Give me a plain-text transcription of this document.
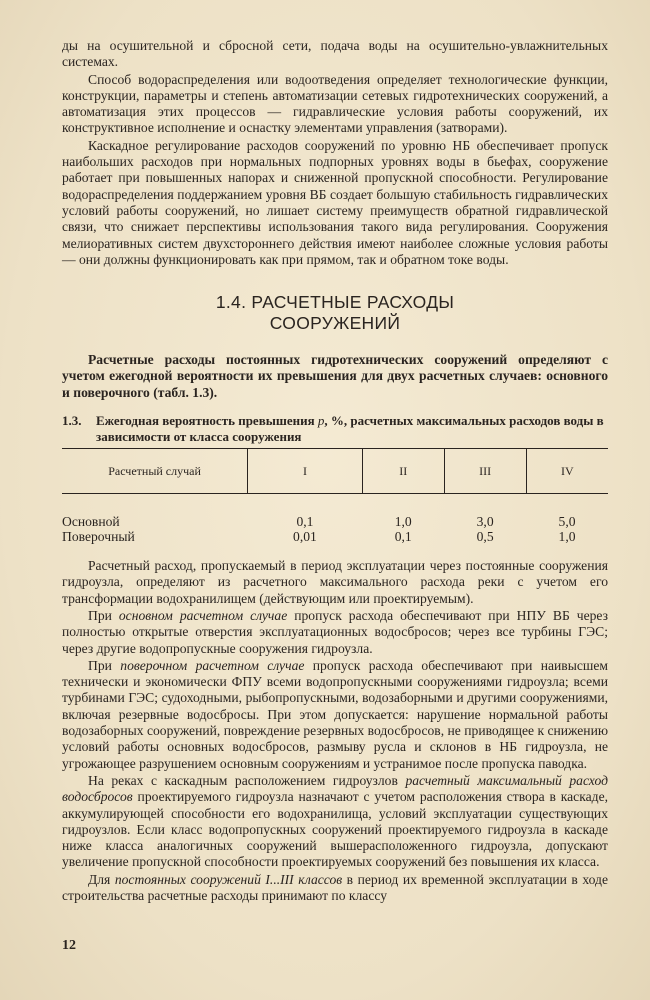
ды на осушительной и сбросной сети, подача воды на осушительно-увлажнительных системах.

Способ водораспределения или водоотведения определяет технологические функции, конструкции, параметры и степень автоматизации сетевых гидротехнических сооружений, а автоматизация этих процессов — гидравлические условия работы сооружений, их конструктивное исполнение и оснастку элементами управления (затворами).

Каскадное регулирование расходов сооружений по уровню НБ обеспечивает пропуск наибольших расходов при нормальных подпорных уровнях воды в бьефах, сооружение работает при повышенных напорах и сниженной пропускной способности. Регулирование водораспределения поддержанием уровня ВБ создает большую стабильность гидравлических условий работы сооружений, но лишает систему преимуществ обратной гидравлической связи, что снижает перспективы использования такого вида регулирования. Сооружения мелиоративных систем двухстороннего действия имеют наиболее сложные условия работы — они должны функционировать как при прямом, так и обратном токе воды.

1.4. РАСЧЕТНЫЕ РАСХОДЫ
СООРУЖЕНИЙ

Расчетные расходы постоянных гидротехнических сооружений определяют с учетом ежегодной вероятности их превышения для двух расчетных случаев: основного и поверочного (табл. 1.3).

1.3. Ежегодная вероятность превышения p, %, расчетных максимальных расходов воды в зависимости от класса сооружения
Расчетный случай	I	II	III	IV
Основной	0,1	1,0	3,0	5,0
Поверочный	0,01	0,1	0,5	1,0

Расчетный расход, пропускаемый в период эксплуатации через постоянные сооружения гидроузла, определяют из расчетного максимального расхода реки с учетом его трансформации водохранилищем (действующим или проектируемым).

При основном расчетном случае пропуск расхода обеспечивают при НПУ ВБ через полностью открытые отверстия эксплуатационных водосбросов; через все турбины ГЭС; через другие водопропускные сооружения гидроузла.

При поверочном расчетном случае пропуск расхода обеспечивают при наивысшем технически и экономически ФПУ всеми водопропускными сооружениями гидроузла; всеми турбинами ГЭС; судоходными, рыбопропускными, водозаборными и другими сооружениями, включая резервные водосбросы. При этом допускается: нарушение нормальной работы водозаборных сооружений, повреждение резервных водосбросов, не приводящее к снижению условий работы основных водосбросов, размыву русла и склонов в НБ гидроузла, не угрожающее разрушением основным сооружениям и устранимое после пропуска паводка.

На реках с каскадным расположением гидроузлов расчетный максимальный расход водосбросов проектируемого гидроузла назначают с учетом расположения створа в каскаде, аккумулирующей способности его водохранилища, условий эксплуатации существующих гидроузлов. Если класс водопропускных сооружений проектируемого гидроузла в каскаде ниже класса аналогичных сооружений вышерасположенного гидроузла, допускают увеличение пропускной способности проектируемых сооружений без повышения их класса.

Для постоянных сооружений I...III классов в период их временной эксплуатации в ходе строительства расчетные расходы принимают по классу

12
